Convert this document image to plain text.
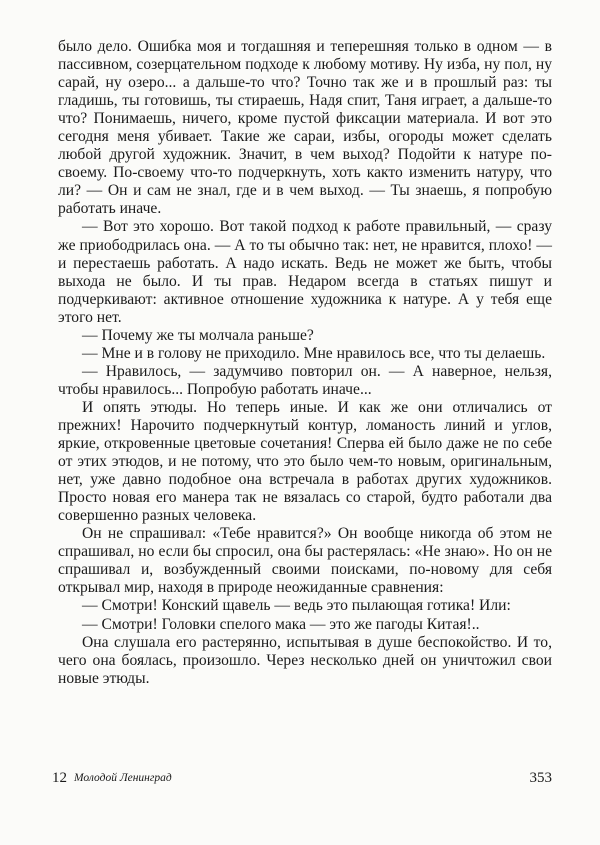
было дело. Ошибка моя и тогдашняя и теперешняя только в одном — в пассивном, созерцательном подходе к любому мотиву. Ну изба, ну пол, ну сарай, ну озеро... а дальше-то что? Точно так же и в прошлый раз: ты гладишь, ты готовишь, ты стираешь, Надя спит, Таня играет, а дальше-то что? Понимаешь, ничего, кроме пустой фиксации материала. И вот это сегодня меня убивает. Такие же сараи, избы, огороды может сделать любой другой художник. Значит, в чем выход? Подойти к натуре по-своему. По-своему что-то подчеркнуть, хоть както изменить натуру, что ли? — Он и сам не знал, где и в чем выход. — Ты знаешь, я попробую работать иначе.

— Вот это хорошо. Вот такой подход к работе правильный, — сразу же приободрилась она. — А то ты обычно так: нет, не нравится, плохо! — и перестаешь работать. А надо искать. Ведь не может же быть, чтобы выхода не было. И ты прав. Недаром всегда в статьях пишут и подчеркивают: активное отношение художника к натуре. А у тебя еще этого нет.

— Почему же ты молчала раньше?

— Мне и в голову не приходило. Мне нравилось все, что ты делаешь.

— Нравилось, — задумчиво повторил он. — А наверное, нельзя, чтобы нравилось... Попробую работать иначе...

И опять этюды. Но теперь иные. И как же они отличались от прежних! Нарочито подчеркнутый контур, ломаность линий и углов, яркие, откровенные цветовые сочетания! Сперва ей было даже не по себе от этих этюдов, и не потому, что это было чем-то новым, оригинальным, нет, уже давно подобное она встречала в работах других художников. Просто новая его манера так не вязалась со старой, будто работали два совершенно разных человека.

Он не спрашивал: «Тебе нравится?» Он вообще никогда об этом не спрашивал, но если бы спросил, она бы растерялась: «Не знаю». Но он не спрашивал и, возбужденный своими поисками, по-новому для себя открывал мир, находя в природе неожиданные сравнения:

— Смотри! Конский щавель — ведь это пылающая готика! Или:

— Смотри! Головки спелого мака — это же пагоды Китая!..

Она слушала его растерянно, испытывая в душе беспокойство. И то, чего она боялась, произошло. Через несколько дней он уничтожил свои новые этюды.

12 Молодой Ленинград	353
